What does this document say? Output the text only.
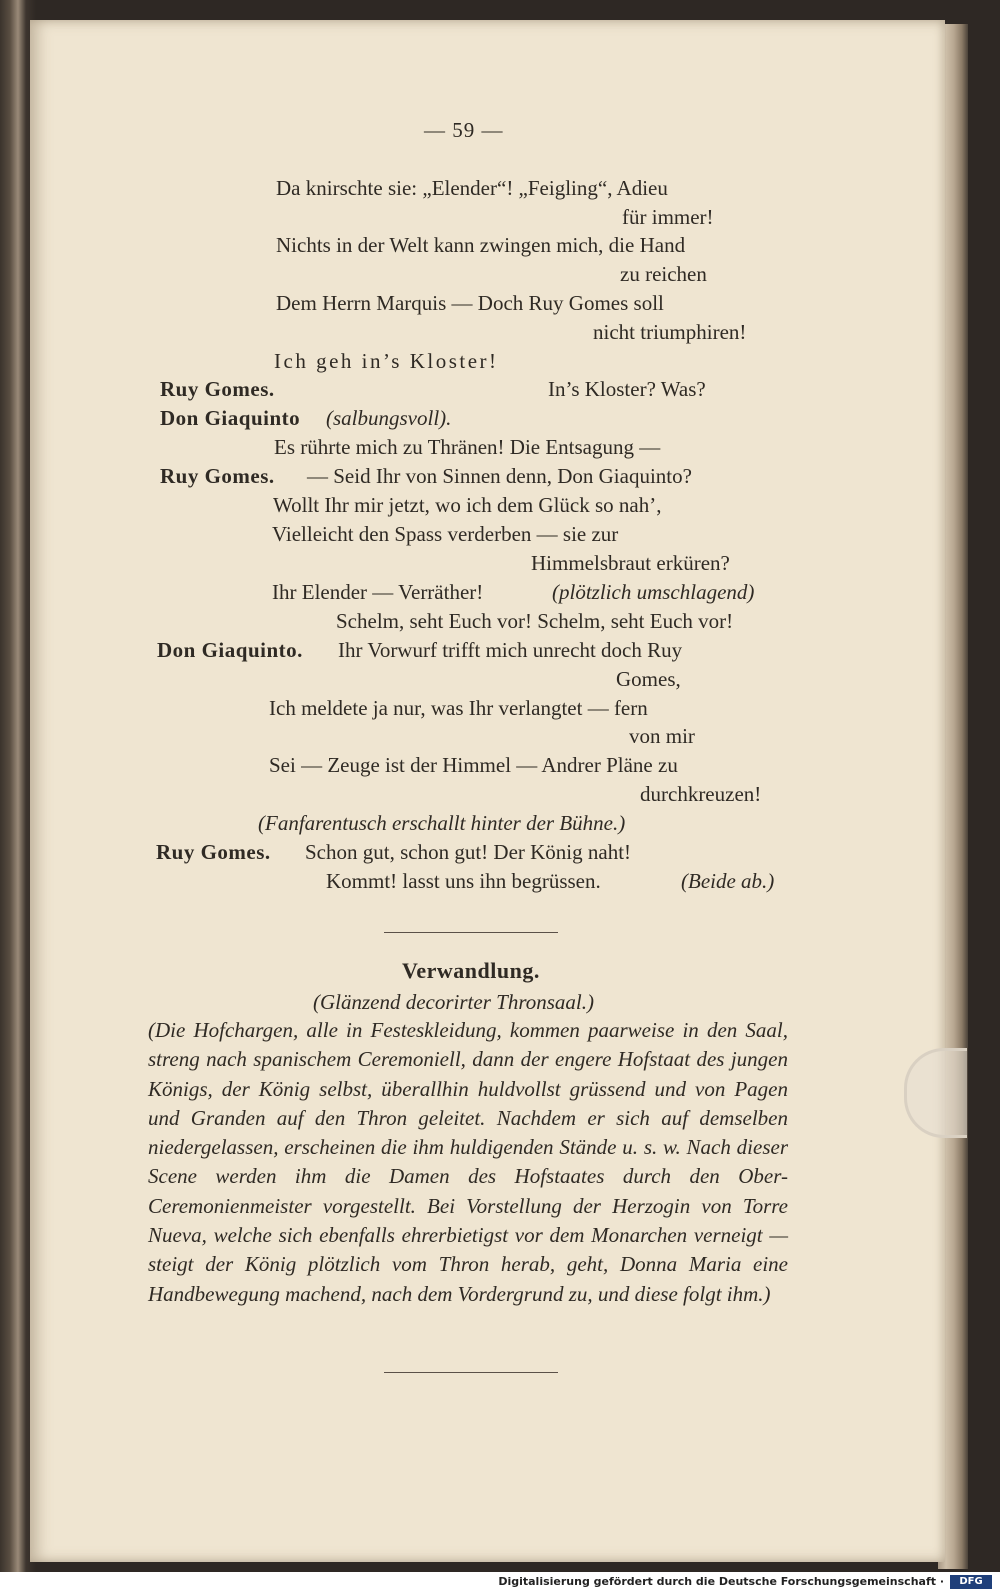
— 59 —
Da knirschte sie: „Elender“! „Feigling“, Adieu
für immer!
Nichts in der Welt kann zwingen mich, die Hand
zu reichen
Dem Herrn Marquis — Doch Ruy Gomes soll
nicht triumphiren!
Ich geh in’s Kloster!
Ruy Gomes.	In’s Kloster? Was?
Don Giaquinto (salbungsvoll).
Es rührte mich zu Thränen! Die Entsagung —
Ruy Gomes. — Seid Ihr von Sinnen denn, Don Giaquinto?
Wollt Ihr mir jetzt, wo ich dem Glück so nah’,
Vielleicht den Spass verderben — sie zur
Himmelsbraut erküren?
Ihr Elender — Verräther!	(plötzlich umschlagend)
Schelm, seht Euch vor! Schelm, seht Euch vor!
Don Giaquinto. Ihr Vorwurf trifft mich unrecht doch Ruy
Gomes,
Ich meldete ja nur, was Ihr verlangtet — fern
von mir
Sei — Zeuge ist der Himmel — Andrer Pläne zu
durchkreuzen!
(Fanfarentusch erschallt hinter der Bühne.)
Ruy Gomes. Schon gut, schon gut! Der König naht!
Kommt! lasst uns ihn begrüssen.	(Beide ab.)
Verwandlung.
(Glänzend decorirter Thronsaal.)
(Die Hofchargen, alle in Festeskleidung, kommen paarweise in den Saal, streng nach spanischem Ceremoniell, dann der engere Hofstaat des jungen Königs, der König selbst, überallhin huldvollst grüssend und von Pagen und Granden auf den Thron geleitet. Nachdem er sich auf demselben niedergelassen, erscheinen die ihm huldigenden Stände u. s. w. Nach dieser Scene werden ihm die Damen des Hofstaates durch den Ober-Ceremonienmeister vorgestellt. Bei Vorstellung der Herzogin von Torre Nueva, welche sich ebenfalls ehrerbietigst vor dem Monarchen verneigt — steigt der König plötzlich vom Thron herab, geht, Donna Maria eine Handbewegung machend, nach dem Vordergrund zu, und diese folgt ihm.)
Digitalisierung gefördert durch die Deutsche Forschungsgemeinschaft ·	DFG
